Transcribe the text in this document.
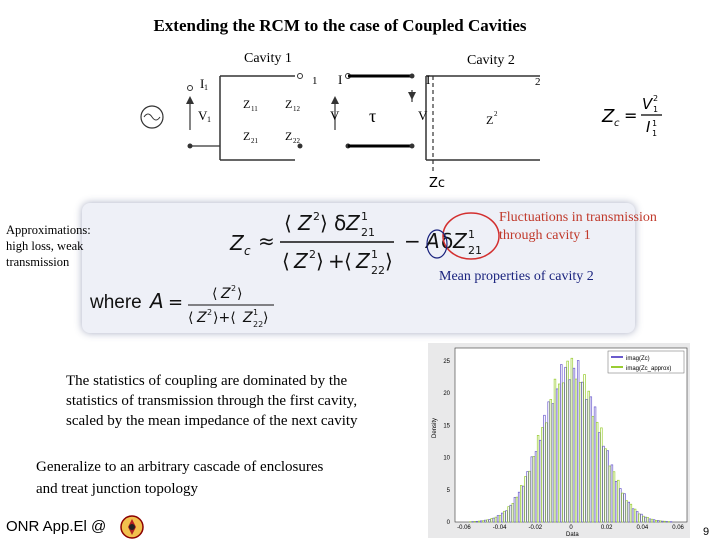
Extending the RCM to the case of Coupled Cavities
Cavity 1	Cavity 2
I 1
1 I	I	2
V 1	V	V
Z 11 Z 12
Z 21 Z 22
Z 2
τ
Zc
Z c =
V 2
1
I 1
1
Z c ≈
⟨ Z 2 ⟩ δ Z 1
21
⟨ Z 2 ⟩ + ⟨ Z 1
22 ⟩
− A δ Z 1
21
where A = ⟨ Z 2 ⟩
⟨ Z 2 ⟩+⟨ Z 1
22 ⟩
Approximations:
high loss, weak
transmission
Fluctuations in transmission
through cavity 1
Mean properties of cavity 2
The statistics of coupling are dominated by the
statistics of transmission through the first cavity,
scaled by the mean impedance of the next cavity
Generalize to an arbitrary cascade of enclosures
and treat junction topology
ONR App.El @	9
25
20
15
10
5
0
-0.06	-0.04	-0.02	0	0.02	0.04	0.06
imag(Zc)
imag(Zc_approx)
Density
Data
